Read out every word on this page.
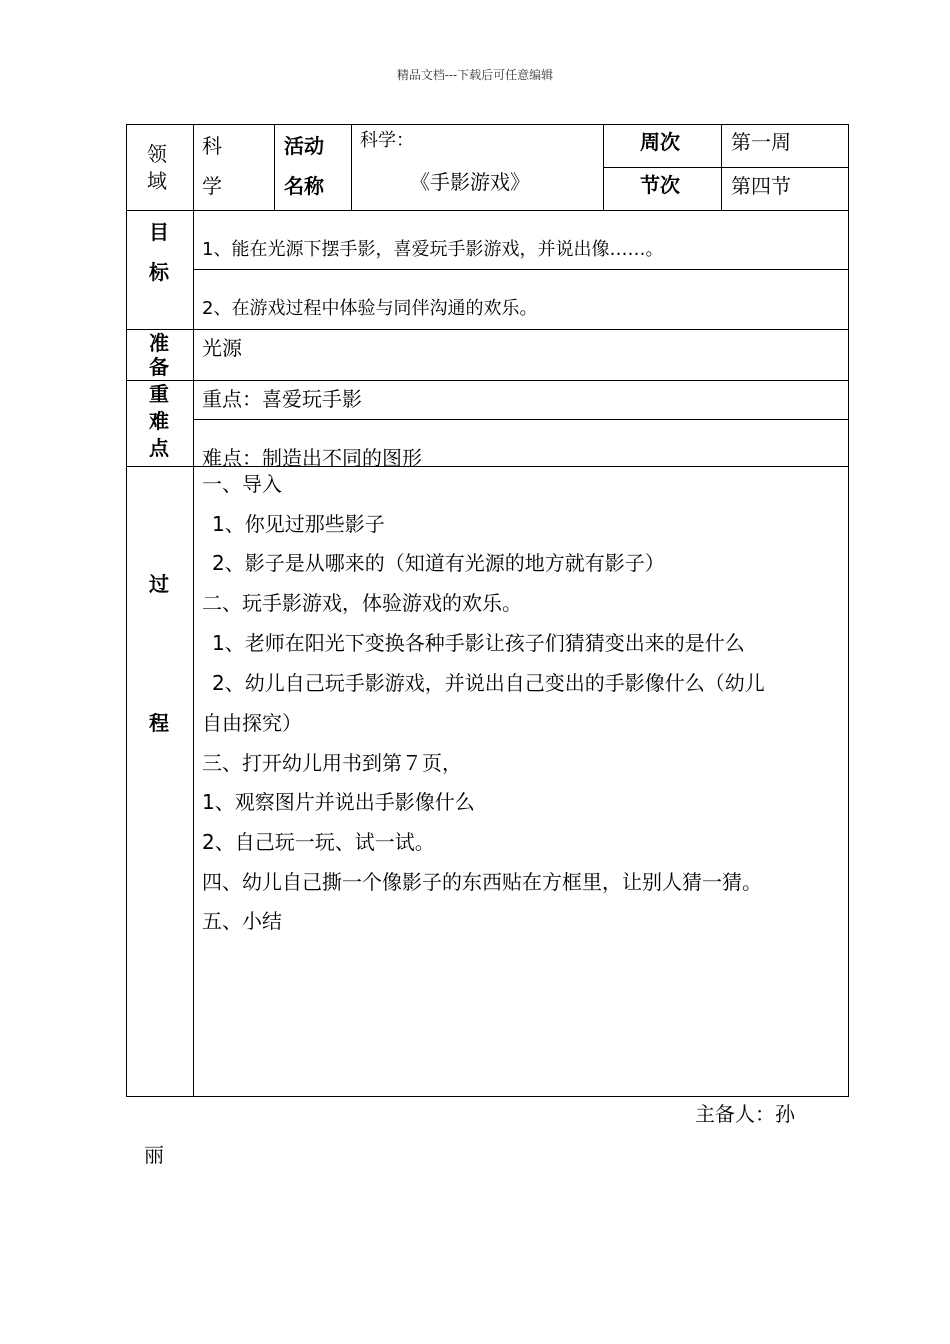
精品文档---下载后可任意编辑
领域
科学
活动名称
科学：
《手影游戏》
周次	第一周
节次	第四节
目标
1、能在光源下摆手影，喜爱玩手影游戏，并说出像……。
2、在游戏过程中体验与同伴沟通的欢乐。
准备
光源
重难点
重点：喜爱玩手影
难点：制造出不同的图形
过
程
一、导入
1、你见过那些影子
2、影子是从哪来的（知道有光源的地方就有影子）
二、玩手影游戏，体验游戏的欢乐。
1、老师在阳光下变换各种手影让孩子们猜猜变出来的是什么
2、幼儿自己玩手影游戏，并说出自己变出的手影像什么（幼儿
自由探究）
三、打开幼儿用书到第７页，
1、观察图片并说出手影像什么
2、自己玩一玩、试一试。
四、幼儿自己撕一个像影子的东西贴在方框里，让别人猜一猜。
五、小结
主备人：孙
丽
